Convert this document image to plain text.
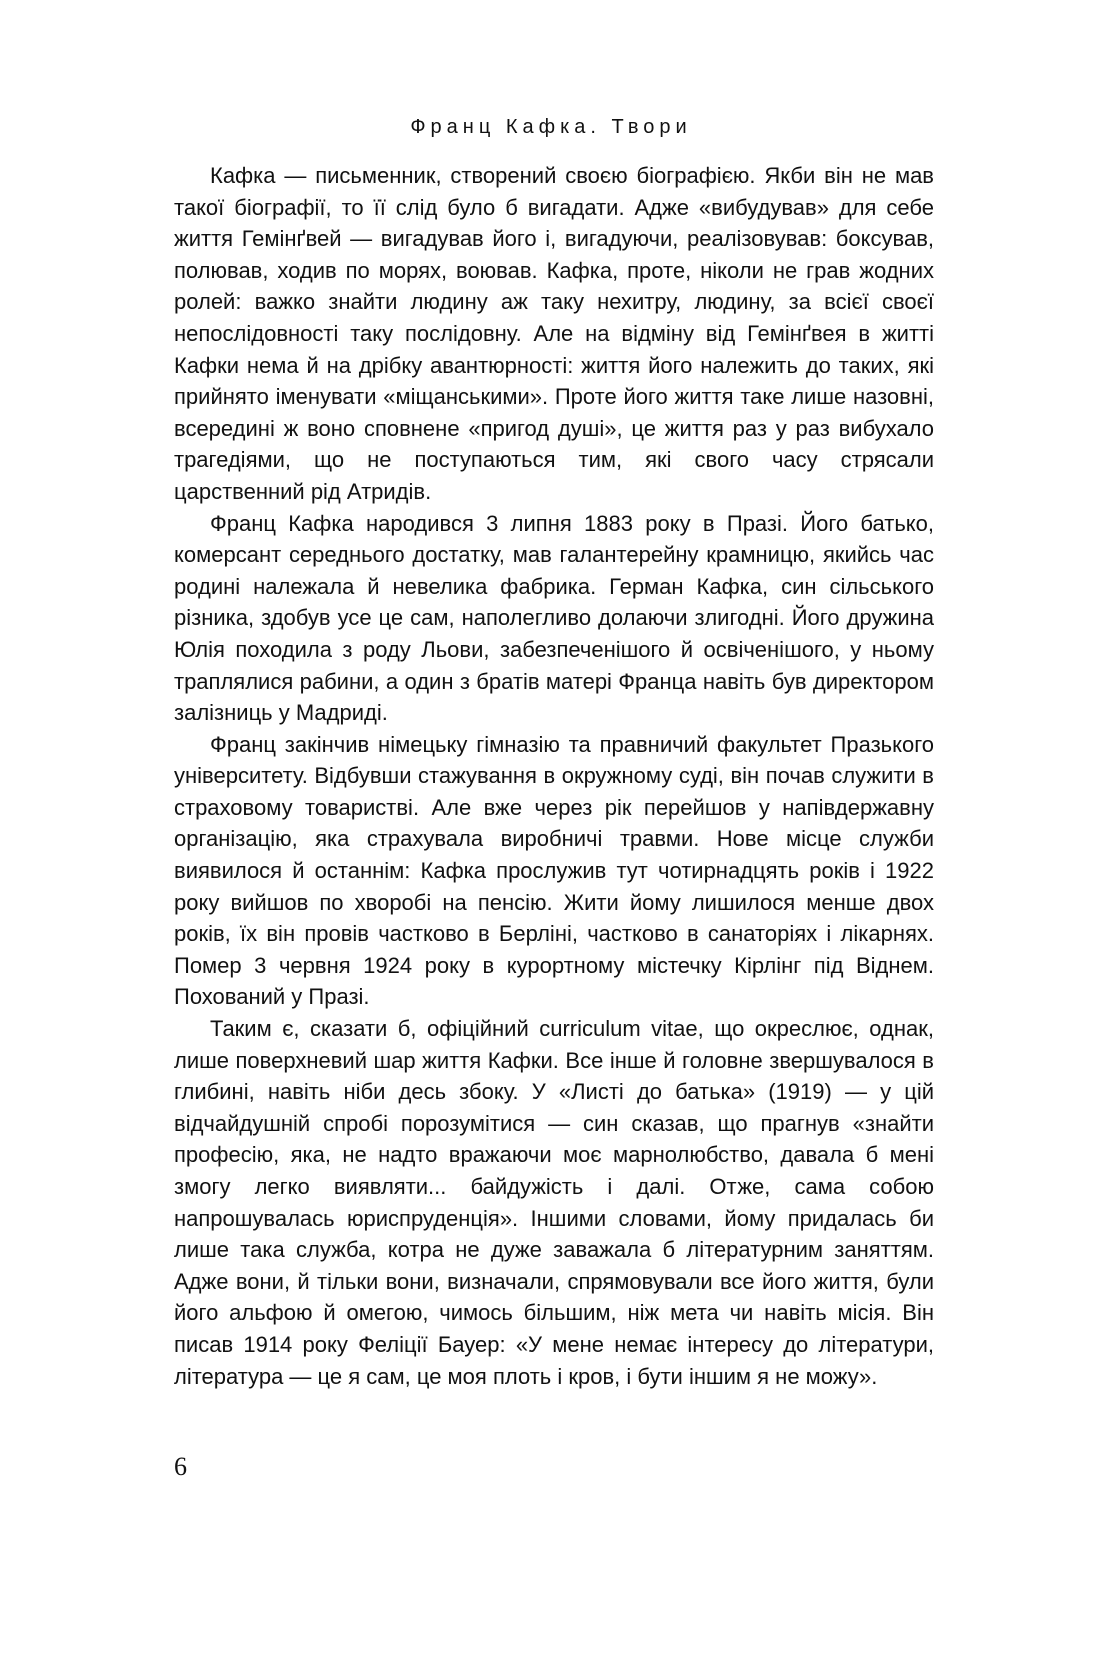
Франц Кафка. Твори

Кафка — письменник, створений своєю біографією. Якби він не мав такої біографії, то її слід було б вигадати. Адже «вибудував» для себе життя Гемінґвей — вигадував його і, вигадуючи, реалізовував: боксував, полював, ходив по морях, воював. Кафка, проте, ніколи не грав жодних ролей: важко знайти людину аж таку нехитру, людину, за всієї своєї непослідовності таку послідовну. Але на відміну від Гемінґвея в житті Кафки нема й на дрібку авантюрності: життя його належить до таких, які прийнято іменувати «міщанськими». Проте його життя таке лише назовні, всередині ж воно сповнене «пригод душі», це життя раз у раз вибухало трагедіями, що не поступаються тим, які свого часу стрясали царственний рід Атридів.

Франц Кафка народився 3 липня 1883 року в Празі. Його батько, комерсант середнього достатку, мав галантерейну крамницю, якийсь час родині належала й невелика фабрика. Герман Кафка, син сільського різника, здобув усе це сам, наполегливо долаючи злигодні. Його дружина Юлія походила з роду Льови, забезпеченішого й освіченішого, у ньому траплялися рабини, а один з братів матері Франца навіть був директором залізниць у Мадриді.

Франц закінчив німецьку гімназію та правничий факультет Празького університету. Відбувши стажування в окружному суді, він почав служити в страховому товаристві. Але вже через рік перейшов у напівдержавну організацію, яка страхувала виробничі травми. Нове місце служби виявилося й останнім: Кафка прослужив тут чотирнадцять років і 1922 року вийшов по хворобі на пенсію. Жити йому лишилося менше двох років, їх він провів частково в Берліні, частково в санаторіях і лікарнях. Помер 3 червня 1924 року в курортному містечку Кірлінг під Віднем. Похований у Празі.

Таким є, сказати б, офіційний curriculum vitae, що окреслює, однак, лише поверхневий шар життя Кафки. Все інше й головне звершувалося в глибині, навіть ніби десь збоку. У «Листі до батька» (1919) — у цій відчайдушній спробі порозумітися — син сказав, що прагнув «знайти професію, яка, не надто вражаючи моє марнолюбство, давала б мені змогу легко виявляти... байдужість і далі. Отже, сама собою напрошувалась юриспруденція». Іншими словами, йому придалась би лише така служба, котра не дуже заважала б літературним заняттям. Адже вони, й тільки вони, визначали, спрямовували все його життя, були його альфою й омегою, чимось більшим, ніж мета чи навіть місія. Він писав 1914 року Феліції Бауер: «У мене немає інтересу до літератури, література — це я сам, це моя плоть і кров, і бути іншим я не можу».

6
